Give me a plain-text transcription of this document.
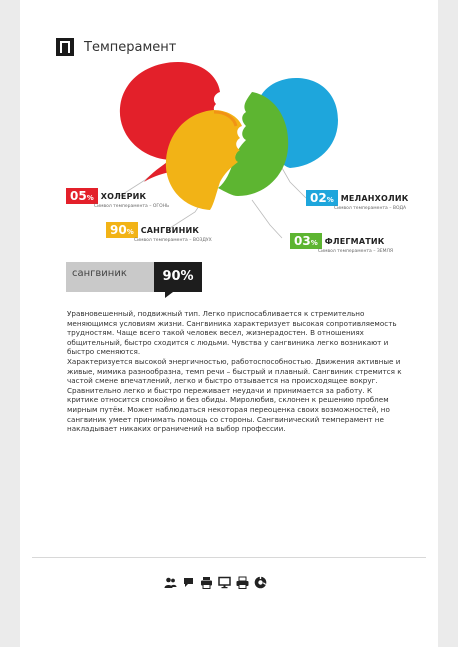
Темперамент
05% ХОЛЕРИК
Символ темперамента – ОГОНЬ
02% МЕЛАНХОЛИК
Символ темперамента – ВОДА
90% САНГВИНИК
Символ темперамента – ВОЗДУХ	03% ФЛЕГМАТИК
Символ темперамента – ЗЕМЛЯ
сангвиник	90%

Уравновешенный, подвижный тип. Легко приспосабливается к стремительно меняющимся условиям жизни. Сангвиника характеризует высокая сопротивляемость трудностям. Чаще всего такой человек весел, жизнерадостен. В отношениях общительный, быстро сходится с людьми. Чувства у сангвиника легко возникают и быстро сменяются.

Характеризуется высокой энергичностью, работоспособностью. Движения активные и живые, мимика разнообразна, темп речи – быстрый и плавный. Сангвиник стремится к частой смене впечатлений, легко и быстро отзывается на происходящее вокруг.

Сравнительно легко и быстро переживает неудачи и принимается за работу. К критике относится спокойно и без обиды. Миролюбив, склонен к решению проблем мирным путём. Может наблюдаться некоторая переоценка своих возможностей, но сангвиник умеет принимать помощь со стороны. Сангвинический темперамент не накладывает никаких ограничений на выбор профессии.
